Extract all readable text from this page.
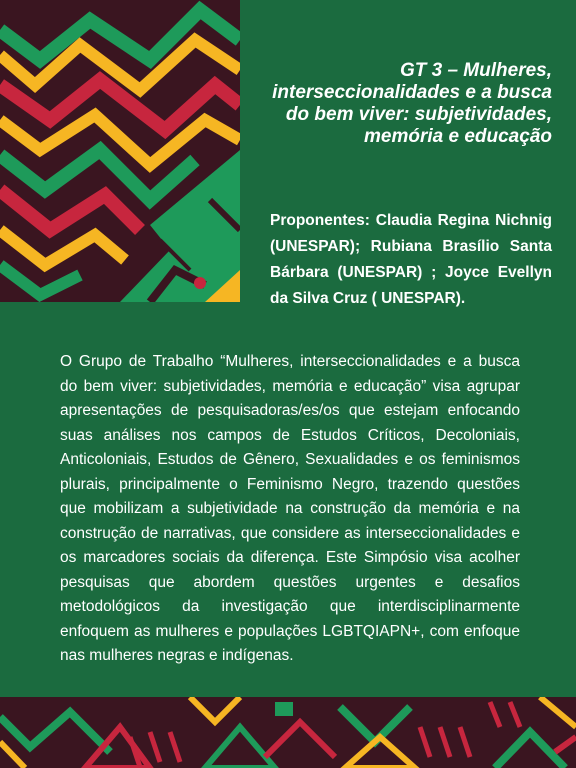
GT 3 – Mulheres, interseccionalidades e a busca do bem viver: subjetividades, memória e educação

Proponentes: Claudia Regina Nichnig (UNESPAR); Rubiana Brasílio Santa Bárbara (UNESPAR) ; Joyce Evellyn da Silva Cruz ( UNESPAR).

O Grupo de Trabalho “Mulheres, interseccionalidades e a busca do bem viver: subjetividades, memória e educação” visa agrupar apresentações de pesquisadoras/es/os que estejam enfocando suas análises nos campos de Estudos Críticos, Decoloniais, Anticoloniais, Estudos de Gênero, Sexualidades e os feminismos plurais, principalmente o Feminismo Negro, trazendo questões que mobilizam a subjetividade na construção da memória e na construção de narrativas, que considere as interseccionalidades e os marcadores sociais da diferença. Este Simpósio visa acolher pesquisas que abordem questões urgentes e desafios metodológicos da investigação que interdisciplinarmente enfoquem as mulheres e populações LGBTQIAPN+, com enfoque nas mulheres negras e indígenas.
